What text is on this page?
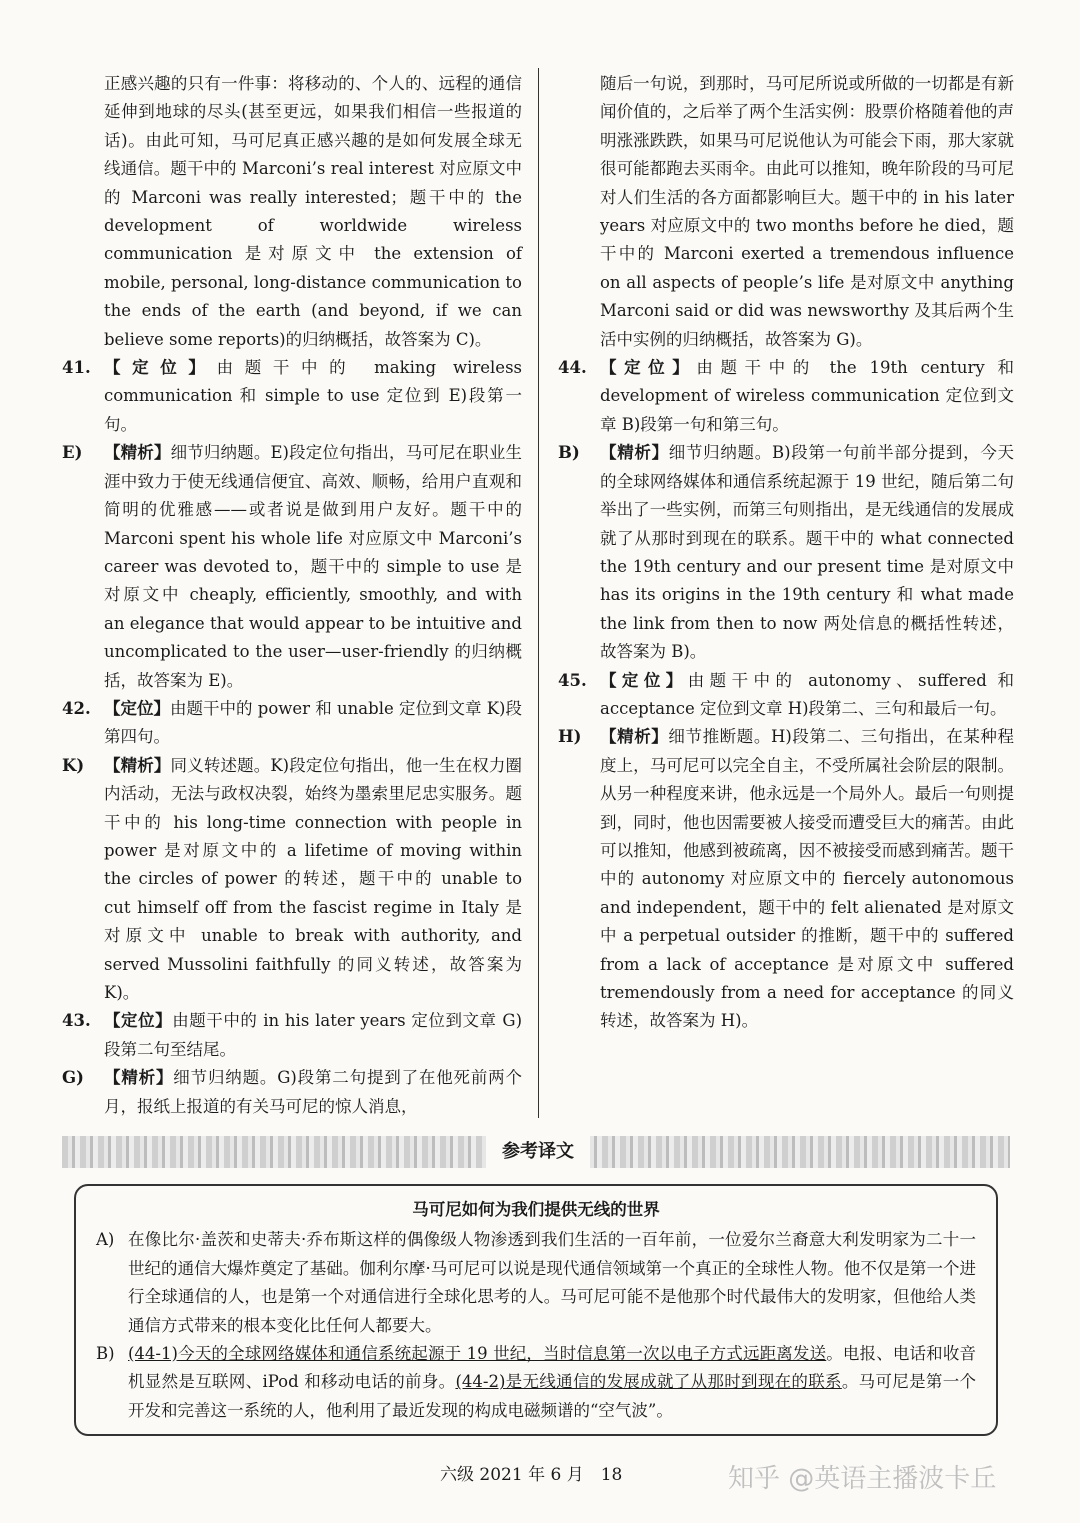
正感兴趣的只有一件事：将移动的、个人的、远程的通信延伸到地球的尽头(甚至更远，如果我们相信一些报道的话)。由此可知，马可尼真正感兴趣的是如何发展全球无线通信。题干中的 Marconi’s real interest 对应原文中的 Marconi was really interested；题干中的 the development of worldwide wireless communication 是对原文中 the extension of mobile, personal, long-distance communication to the ends of the earth (and beyond, if we can believe some reports)的归纳概括，故答案为 C)。

41. 【定位】由题干中的 making wireless communication 和 simple to use 定位到 E)段第一句。
E)	【精析】细节归纳题。E)段定位句指出，马可尼在职业生涯中致力于使无线通信便宜、高效、顺畅，给用户直观和简明的优雅感——或者说是做到用户友好。题干中的 Marconi spent his whole life 对应原文中 Marconi’s career was devoted to，题干中的 simple to use 是对原文中 cheaply, efficiently, smoothly, and with an elegance that would appear to be intuitive and uncomplicated to the user—user-friendly 的归纳概括，故答案为 E)。
42. 【定位】由题干中的 power 和 unable 定位到文章 K)段第四句。
K)	【精析】同义转述题。K)段定位句指出，他一生在权力圈内活动，无法与政权决裂，始终为墨索里尼忠实服务。题干中的 his long-time connection with people in power 是对原文中的 a lifetime of moving within the circles of power 的转述，题干中的 unable to cut himself off from the fascist regime in Italy 是对原文中 unable to break with authority, and served Mussolini faithfully 的同义转述，故答案为 K)。
43. 【定位】由题干中的 in his later years 定位到文章 G)段第二句至结尾。
G)	【精析】细节归纳题。G)段第二句提到了在他死前两个月，报纸上报道的有关马可尼的惊人消息，

随后一句说，到那时，马可尼所说或所做的一切都是有新闻价值的，之后举了两个生活实例：股票价格随着他的声明涨涨跌跌，如果马可尼说他认为可能会下雨，那大家就很可能都跑去买雨伞。由此可以推知，晚年阶段的马可尼对人们生活的各方面都影响巨大。题干中的 in his later years 对应原文中的 two months before he died，题干中的 Marconi exerted a tremendous influence on all aspects of people’s life 是对原文中 anything Marconi said or did was newsworthy 及其后两个生活中实例的归纳概括，故答案为 G)。

44. 【定位】由题干中的 the 19th century 和 development of wireless communication 定位到文章 B)段第一句和第三句。
B)	【精析】细节归纳题。B)段第一句前半部分提到，今天的全球网络媒体和通信系统起源于 19 世纪，随后第二句举出了一些实例，而第三句则指出，是无线通信的发展成就了从那时到现在的联系。题干中的 what connected the 19th century and our present time 是对原文中 has its origins in the 19th century 和 what made the link from then to now 两处信息的概括性转述，故答案为 B)。
45. 【定位】由题干中的 autonomy、suffered 和 acceptance 定位到文章 H)段第二、三句和最后一句。
H)	【精析】细节推断题。H)段第二、三句指出，在某种程度上，马可尼可以完全自主，不受所属社会阶层的限制。从另一种程度来讲，他永远是一个局外人。最后一句则提到，同时，他也因需要被人接受而遭受巨大的痛苦。由此可以推知，他感到被疏离，因不被接受而感到痛苦。题干中的 autonomy 对应原文中的 fiercely autonomous and independent，题干中的 felt alienated 是对原文中 a perpetual outsider 的推断，题干中的 suffered from a lack of acceptance 是对原文中 suffered tremendously from a need for acceptance 的同义转述，故答案为 H)。
参考译文
马可尼如何为我们提供无线的世界
A) 在像比尔·盖茨和史蒂夫·乔布斯这样的偶像级人物渗透到我们生活的一百年前，一位爱尔兰裔意大利发明家为二十一世纪的通信大爆炸奠定了基础。伽利尔摩·马可尼可以说是现代通信领域第一个真正的全球性人物。他不仅是第一个进行全球通信的人，也是第一个对通信进行全球化思考的人。马可尼可能不是他那个时代最伟大的发明家，但他给人类通信方式带来的根本变化比任何人都要大。
B) (44-1)今天的全球网络媒体和通信系统起源于 19 世纪，当时信息第一次以电子方式远距离发送。电报、电话和收音机显然是互联网、iPod 和移动电话的前身。(44-2)是无线通信的发展成就了从那时到现在的联系。马可尼是第一个开发和完善这一系统的人，他利用了最近发现的构成电磁频谱的“空气波”。
六级 2021 年 6 月　18	知乎 @英语主播波卡丘
